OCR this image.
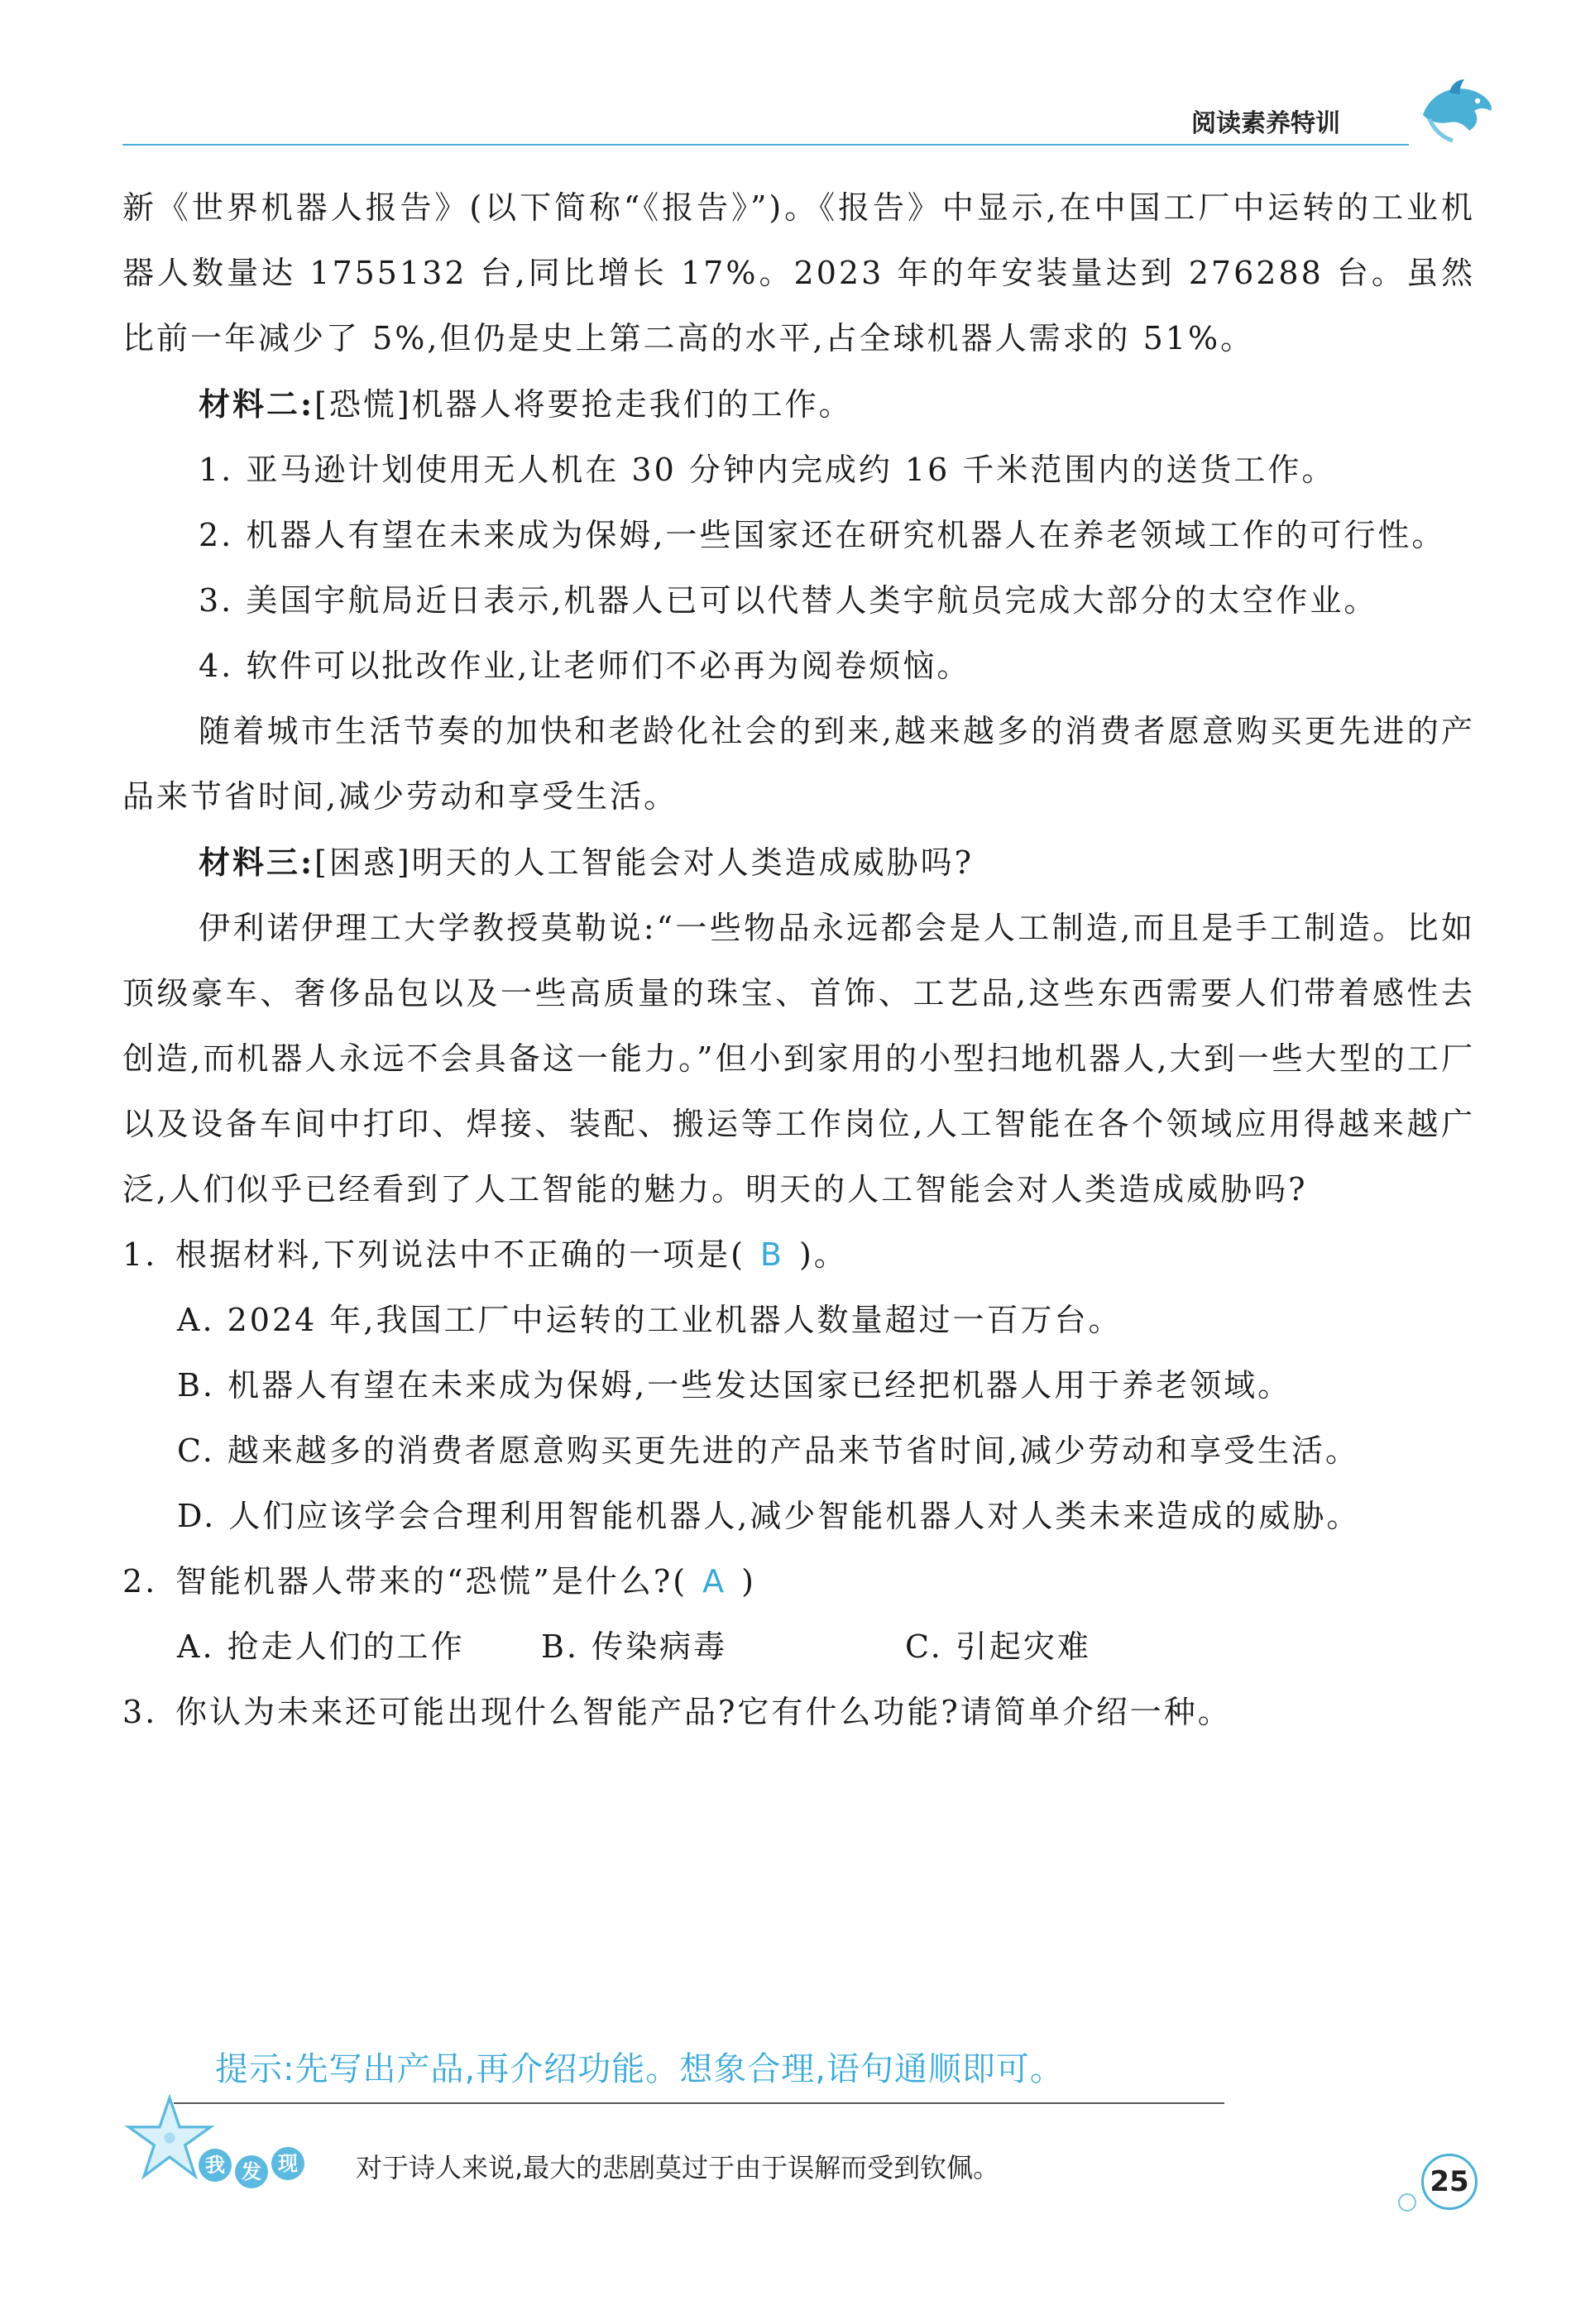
阅读素养特训

新《世界机器人报告》(以下简称“《报告》”)。《报告》中显示,在中国工厂中运转的工业机器人数量达 1755132 台,同比增长 17%。2023 年的年安装量达到 276288 台。虽然比前一年减少了 5%,但仍是史上第二高的水平,占全球机器人需求的 51%。

材料二:[恐慌]机器人将要抢走我们的工作。

1. 亚马逊计划使用无人机在 30 分钟内完成约 16 千米范围内的送货工作。

2. 机器人有望在未来成为保姆,一些国家还在研究机器人在养老领域工作的可行性。

3. 美国宇航局近日表示,机器人已可以代替人类宇航员完成大部分的太空作业。

4. 软件可以批改作业,让老师们不必再为阅卷烦恼。

随着城市生活节奏的加快和老龄化社会的到来,越来越多的消费者愿意购买更先进的产品来节省时间,减少劳动和享受生活。

材料三:[困惑]明天的人工智能会对人类造成威胁吗?

伊利诺伊理工大学教授莫勒说:“一些物品永远都会是人工制造,而且是手工制造。比如顶级豪车、奢侈品包以及一些高质量的珠宝、首饰、工艺品,这些东西需要人们带着感性去创造,而机器人永远不会具备这一能力。”但小到家用的小型扫地机器人,大到一些大型的工厂以及设备车间中打印、焊接、装配、搬运等工作岗位,人工智能在各个领域应用得越来越广泛,人们似乎已经看到了人工智能的魅力。明天的人工智能会对人类造成威胁吗?

1. 根据材料,下列说法中不正确的一项是( B )。

A. 2024 年,我国工厂中运转的工业机器人数量超过一百万台。

B. 机器人有望在未来成为保姆,一些发达国家已经把机器人用于养老领域。

C. 越来越多的消费者愿意购买更先进的产品来节省时间,减少劳动和享受生活。

D. 人们应该学会合理利用智能机器人,减少智能机器人对人类未来造成的威胁。

2. 智能机器人带来的“恐慌”是什么?( A )

A. 抢走人们的工作	B. 传染病毒	C. 引起灾难

3. 你认为未来还可能出现什么智能产品?它有什么功能?请简单介绍一种。

提示:先写出产品,再介绍功能。想象合理,语句通顺即可。
我 发 现 对于诗人来说,最大的悲剧莫过于由于误解而受到钦佩。	25
